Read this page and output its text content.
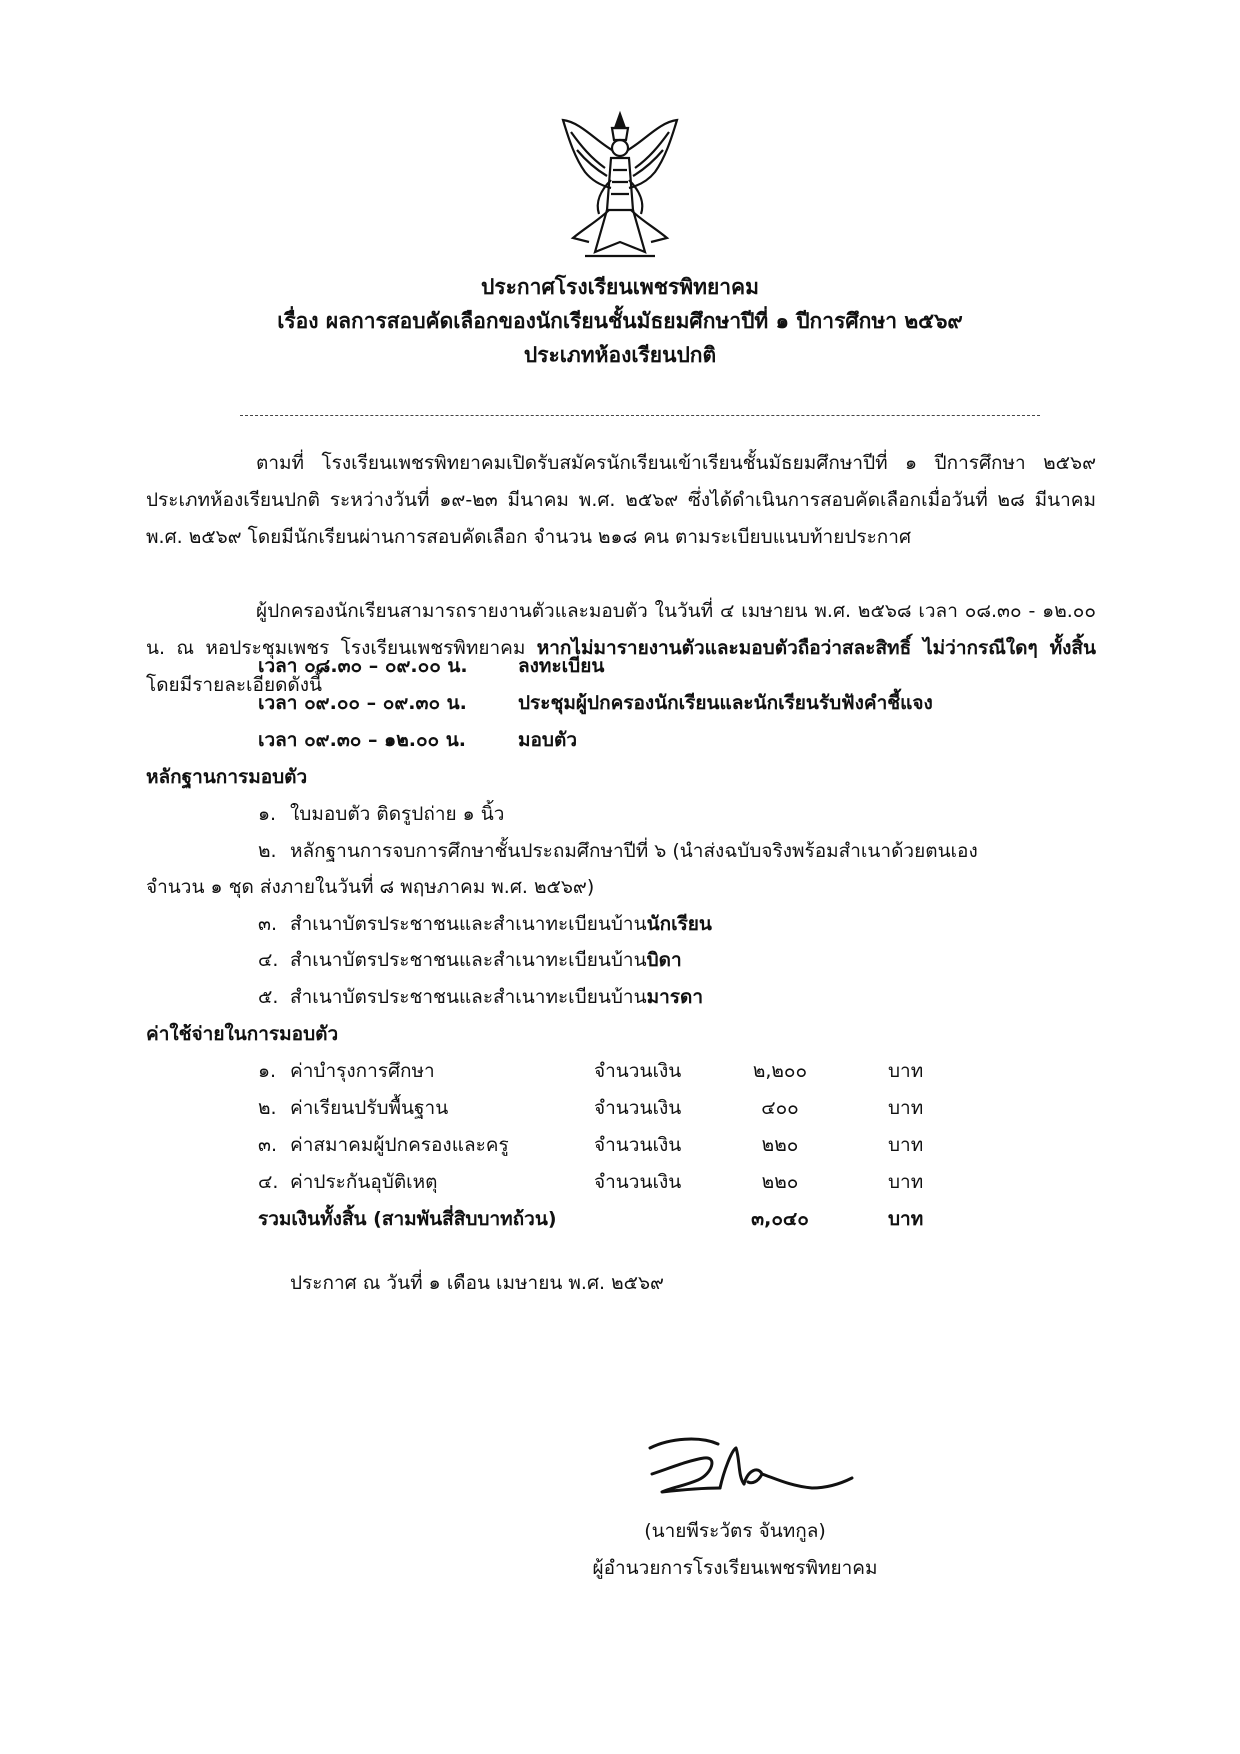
ประกาศโรงเรียนเพชรพิทยาคม
เรื่อง ผลการสอบคัดเลือกของนักเรียนชั้นมัธยมศึกษาปีที่ ๑ ปีการศึกษา ๒๕๖๙
ประเภทห้องเรียนปกติ
ตามที่ โรงเรียนเพชรพิทยาคมเปิดรับสมัครนักเรียนเข้าเรียนชั้นมัธยมศึกษาปีที่ ๑ ปีการศึกษา ๒๕๖๙ ประเภทห้องเรียนปกติ ระหว่างวันที่ ๑๙-๒๓ มีนาคม พ.ศ. ๒๕๖๙ ซึ่งได้ดำเนินการสอบคัดเลือกเมื่อวันที่ ๒๘ มีนาคม พ.ศ. ๒๕๖๙ โดยมีนักเรียนผ่านการสอบคัดเลือก จำนวน ๒๑๘ คน ตามระเบียบแนบท้ายประกาศ
ผู้ปกครองนักเรียนสามารถรายงานตัวและมอบตัว ในวันที่ ๔ เมษายน พ.ศ. ๒๕๖๘ เวลา ๐๘.๓๐ - ๑๒.๐๐ น. ณ หอประชุมเพชร โรงเรียนเพชรพิทยาคม หากไม่มารายงานตัวและมอบตัวถือว่าสละสิทธิ์ ไม่ว่ากรณีใดๆ ทั้งสิ้น โดยมีรายละเอียดดังนี้
เวลา ๐๘.๓๐ – ๐๙.๐๐ น.	ลงทะเบียน
เวลา ๐๙.๐๐ – ๐๙.๓๐ น.	ประชุมผู้ปกครองนักเรียนและนักเรียนรับฟังคำชี้แจง
เวลา ๐๙.๓๐ – ๑๒.๐๐ น.	มอบตัว
หลักฐานการมอบตัว
๑. ใบมอบตัว ติดรูปถ่าย ๑ นิ้ว
๒. หลักฐานการจบการศึกษาชั้นประถมศึกษาปีที่ ๖ (นำส่งฉบับจริงพร้อมสำเนาด้วยตนเอง
จำนวน ๑ ชุด ส่งภายในวันที่ ๘ พฤษภาคม พ.ศ. ๒๕๖๙)
๓. สำเนาบัตรประชาชนและสำเนาทะเบียนบ้านนักเรียน
๔. สำเนาบัตรประชาชนและสำเนาทะเบียนบ้านบิดา
๕. สำเนาบัตรประชาชนและสำเนาทะเบียนบ้านมารดา
ค่าใช้จ่ายในการมอบตัว
๑. ค่าบำรุงการศึกษา	จำนวนเงิน	๒,๒๐๐	บาท
๒. ค่าเรียนปรับพื้นฐาน	จำนวนเงิน	๔๐๐	บาท
๓. ค่าสมาคมผู้ปกครองและครู	จำนวนเงิน	๒๒๐	บาท
๔. ค่าประกันอุบัติเหตุ	จำนวนเงิน	๒๒๐	บาท
รวมเงินทั้งสิ้น (สามพันสี่สิบบาทถ้วน)	๓,๐๔๐	บาท
ประกาศ ณ วันที่ ๑ เดือน เมษายน พ.ศ. ๒๕๖๙
(นายพีระวัตร จันทกูล)
ผู้อำนวยการโรงเรียนเพชรพิทยาคม
